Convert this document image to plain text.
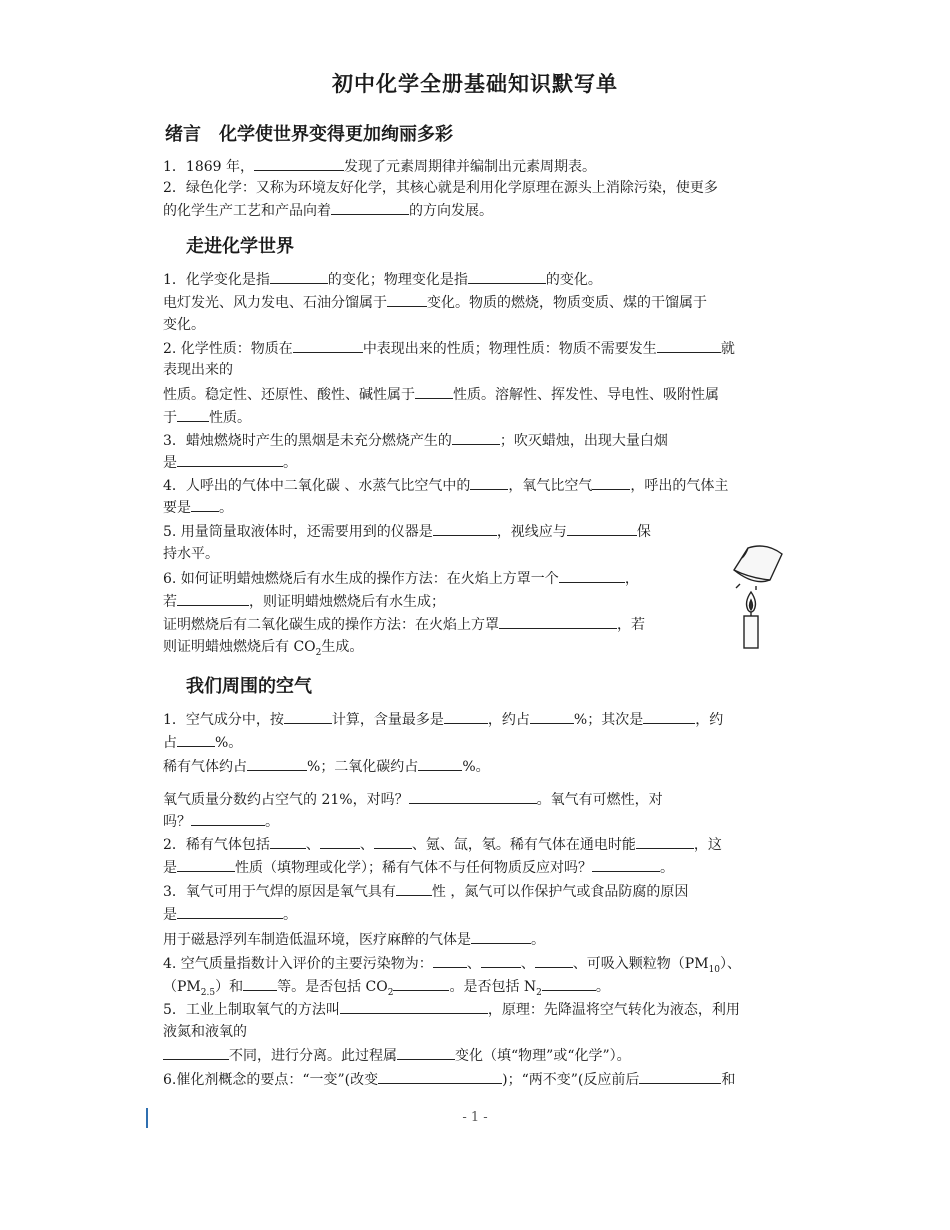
初中化学全册基础知识默写单
绪言　化学使世界变得更加绚丽多彩
1．1869 年，	发现了元素周期律并编制出元素周期表。
2．绿色化学：又称为环境友好化学，其核心就是利用化学原理在源头上消除污染，使更多
的化学生产工艺和产品向着	的方向发展。
走进化学世界
1．化学变化是指	的变化；物理变化是指	的变化。
电灯发光、风力发电、石油分馏属于	变化。物质的燃烧，物质变质、煤的干馏属于
变化。
2. 化学性质：物质在	中表现出来的性质；物理性质：物质不需要发生	就
表现出来的
性质。稳定性、还原性、酸性、碱性属于	性质。溶解性、挥发性、导电性、吸附性属
于 性质。
3．蜡烛燃烧时产生的黑烟是未充分燃烧产生的	；吹灭蜡烛，出现大量白烟
是	。
4．人呼出的气体中二氧化碳 、水蒸气比空气中的	，氧气比空气	，呼出的气体主
要是 。
5. 用量筒量取液体时，还需要用到的仪器是	，视线应与	保
持水平。
6. 如何证明蜡烛燃烧后有水生成的操作方法：在火焰上方罩一个	，
若	，则证明蜡烛燃烧后有水生成；
证明燃烧后有二氧化碳生成的操作方法：在火焰上方罩	，若
则证明蜡烛燃烧后有 $CO_2$生成。
我们周围的空气
1．空气成分中，按	计算，含量最多是	，约占	%；其次是	，约
占	%。
稀有气体约占	%；二氧化碳约占	%。
氧气质量分数约占空气的 21%，对吗？	。氧气有可燃性，对
吗？	。
2．稀有气体包括	、	、	、氪、氙，氡。稀有气体在通电时能	，这
是	性质（填物理或化学）；稀有气体不与任何物质反应对吗？	。
3．氧气可用于气焊的原因是氧气具有	性 ，氮气可以作保护气或食品防腐的原因
是	。
用于磁悬浮列车制造低温环境，医疗麻醉的气体是	。
4. 空气质量指数计入评价的主要污染物为： 、	、	、可吸入颗粒物$(PM_{10})$、
$(PM_{2.5})$和 等。是否包括 $CO_2$	。是否包括 $N_2$	。
5．工业上制取氧气的方法叫	，原理：先降温将空气转化为液态，利用
液氮和液氧的
不同，进行分离。此过程属	变化（填“物理”或“化学”）。
6.催化剂概念的要点：“一变”(改变	)；“两不变”(反应前后	和
- 1 -
